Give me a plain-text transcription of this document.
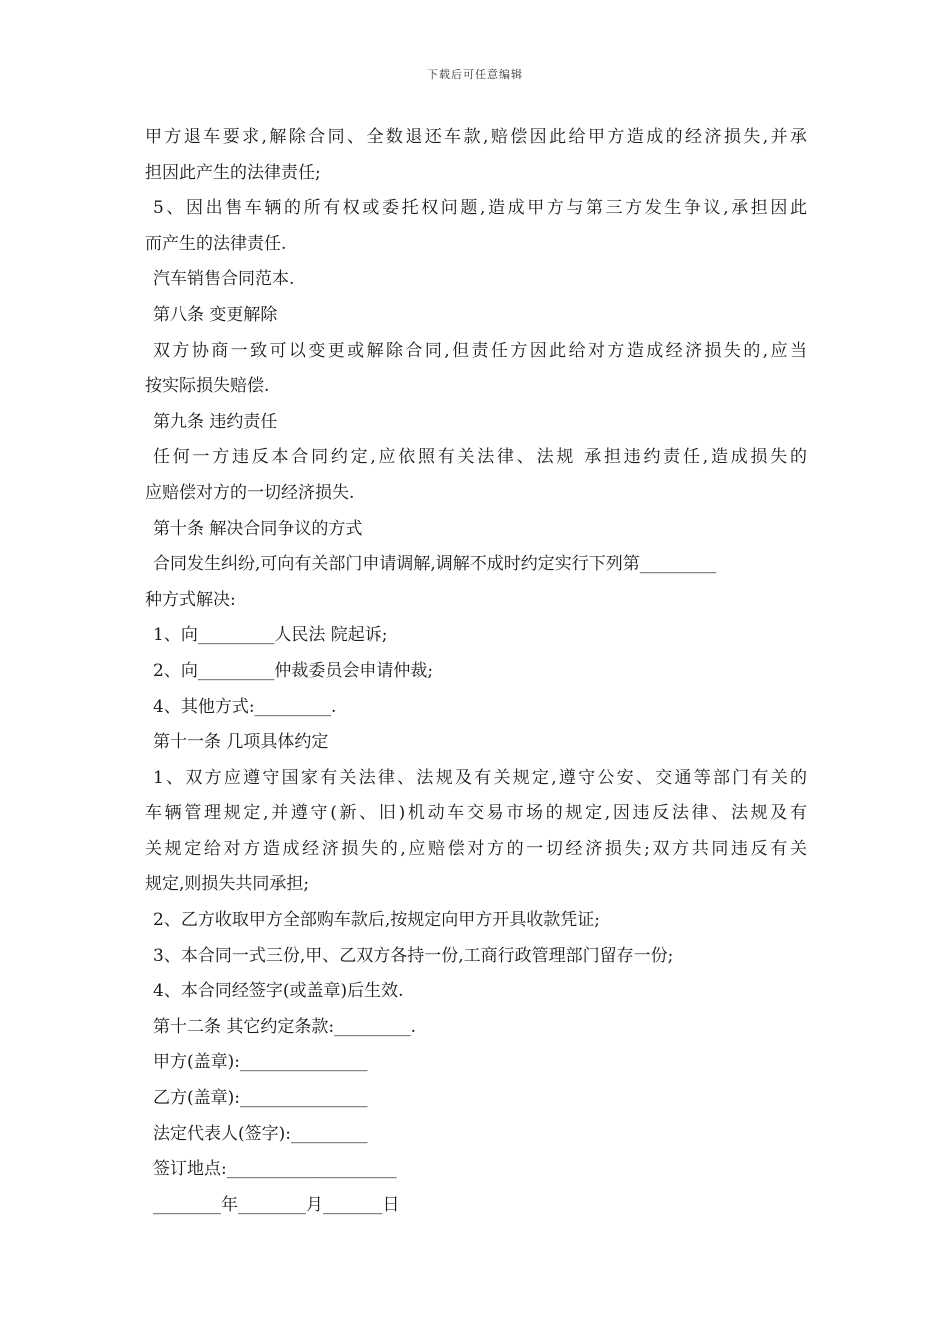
下载后可任意编辑
甲方退车要求,解除合同、全数退还车款,赔偿因此给甲方造成的经济损失,并承
担因此产生的法律责任;
5、因出售车辆的所有权或委托权问题,造成甲方与第三方发生争议,承担因此
而产生的法律责任.
汽车销售合同范本.
第八条 变更解除
双方协商一致可以变更或解除合同,但责任方因此给对方造成经济损失的,应当
按实际损失赔偿.
第九条 违约责任
任何一方违反本合同约定,应依照有关法律、法规 承担违约责任,造成损失的
应赔偿对方的一切经济损失.
第十条 解决合同争议的方式
合同发生纠纷,可向有关部门申请调解,调解不成时约定实行下列第_________
种方式解决:
1、向_________人民法 院起诉;
2、向_________仲裁委员会申请仲裁;
4、其他方式:_________.
第十一条 几项具体约定
1、双方应遵守国家有关法律、法规及有关规定,遵守公安、交通等部门有关的
车辆管理规定,并遵守(新、旧)机动车交易市场的规定,因违反法律、法规及有
关规定给对方造成经济损失的,应赔偿对方的一切经济损失;双方共同违反有关
规定,则损失共同承担;
2、乙方收取甲方全部购车款后,按规定向甲方开具收款凭证;
3、本合同一式三份,甲、乙双方各持一份,工商行政管理部门留存一份;
4、本合同经签字(或盖章)后生效.
第十二条 其它约定条款:_________.
甲方(盖章):_______________
乙方(盖章):_______________
法定代表人(签字):_________
签订地点:____________________
________年________月_______日
